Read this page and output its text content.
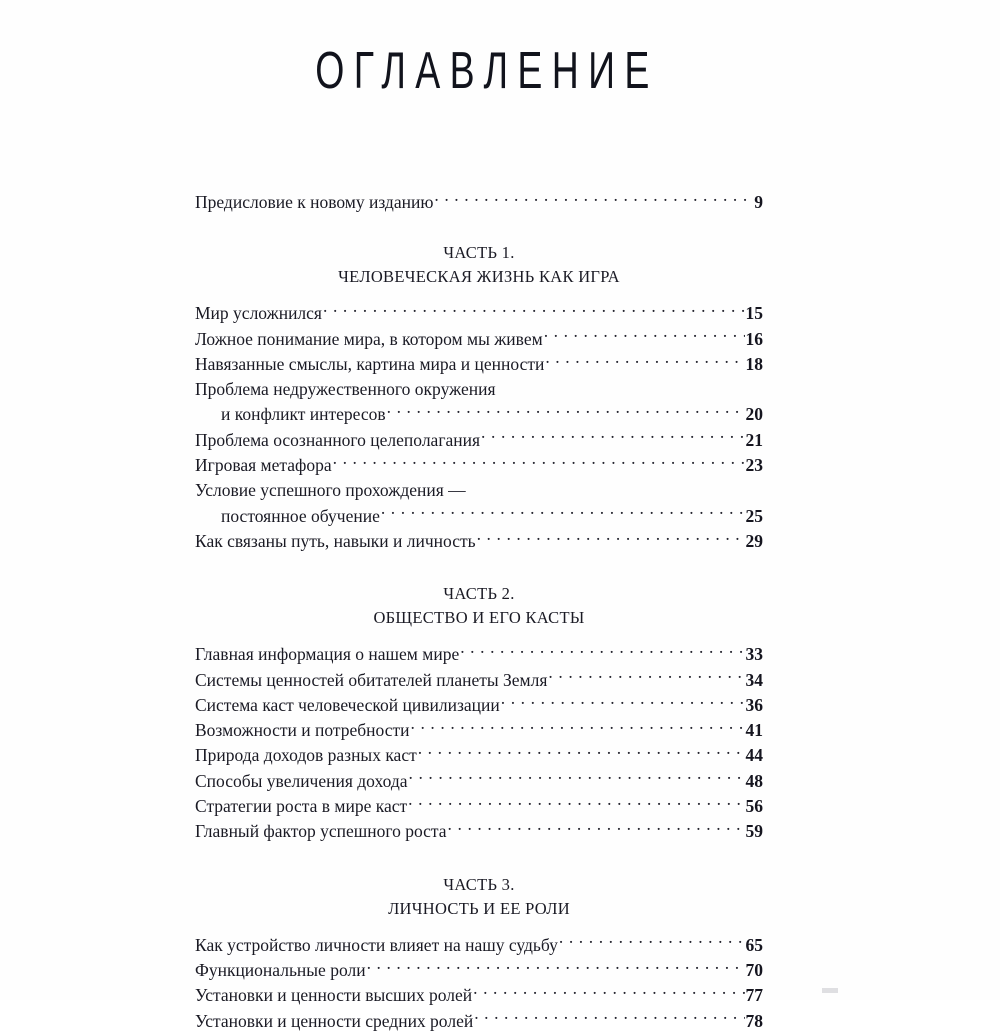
ОГЛАВЛЕНИЕ
Предисловие к новому изданию . . .	9
ЧАСТЬ 1.
ЧЕЛОВЕЧЕСКАЯ ЖИЗНЬ КАК ИГРА
Мир усложнился . . .	15
Ложное понимание мира, в котором мы живем . . .	16
Навязанные смыслы, картина мира и ценности . . .	18
Проблема недружественного окружения
и конфликт интересов . . .	20
Проблема осознанного целеполагания . . .	21
Игровая метафора . . .	23
Условие успешного прохождения —
постоянное обучение . . .	25
Как связаны путь, навыки и личность . . .	29
ЧАСТЬ 2.
ОБЩЕСТВО И ЕГО КАСТЫ
Главная информация о нашем мире . . .	33
Системы ценностей обитателей планеты Земля . . .	34
Система каст человеческой цивилизации . . .	36
Возможности и потребности . . .	41
Природа доходов разных каст . . .	44
Способы увеличения дохода . . .	48
Стратегии роста в мире каст . . .	56
Главный фактор успешного роста . . .	59
ЧАСТЬ 3.
ЛИЧНОСТЬ И ЕЕ РОЛИ
Как устройство личности влияет на нашу судьбу . . .	65
Функциональные роли . . .	70
Установки и ценности высших ролей . . .	77
Установки и ценности средних ролей . . .	78
